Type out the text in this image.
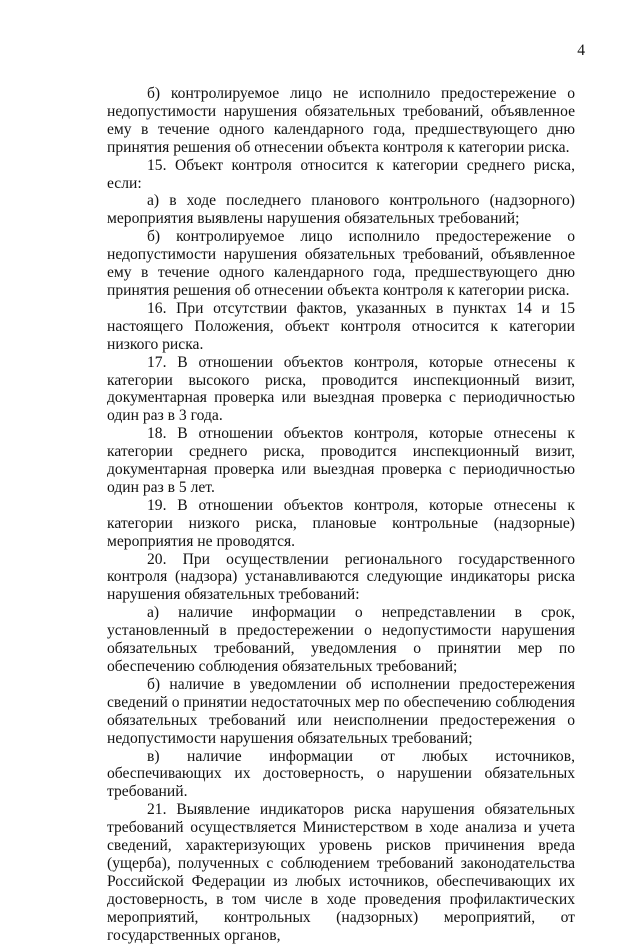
4

б) контролируемое лицо не исполнило предостережение о недопустимости нарушения обязательных требований, объявленное ему в течение одного календарного года, предшествующего дню принятия решения об отнесении объекта контроля к категории риска.

15. Объект контроля относится к категории среднего риска, если:

а) в ходе последнего планового контрольного (надзорного) мероприятия выявлены нарушения обязательных требований;

б) контролируемое лицо исполнило предостережение о недопустимости нарушения обязательных требований, объявленное ему в течение одного календарного года, предшествующего дню принятия решения об отнесении объекта контроля к категории риска.

16. При отсутствии фактов, указанных в пунктах 14 и 15 настоящего Положения, объект контроля относится к категории низкого риска.

17. В отношении объектов контроля, которые отнесены к категории высокого риска, проводится инспекционный визит, документарная проверка или выездная проверка с периодичностью один раз в 3 года.

18. В отношении объектов контроля, которые отнесены к категории среднего риска, проводится инспекционный визит, документарная проверка или выездная проверка с периодичностью один раз в 5 лет.

19. В отношении объектов контроля, которые отнесены к категории низкого риска, плановые контрольные (надзорные) мероприятия не проводятся.

20. При осуществлении регионального государственного контроля (надзора) устанавливаются следующие индикаторы риска нарушения обязательных требований:

а) наличие информации о непредставлении в срок, установленный в предостережении о недопустимости нарушения обязательных требований, уведомления о принятии мер по обеспечению соблюдения обязательных требований;

б) наличие в уведомлении об исполнении предостережения сведений о принятии недостаточных мер по обеспечению соблюдения обязательных требований или неисполнении предостережения о недопустимости нарушения обязательных требований;

в) наличие информации от любых источников, обеспечивающих их достоверность, о нарушении обязательных требований.

21. Выявление индикаторов риска нарушения обязательных требований осуществляется Министерством в ходе анализа и учета сведений, характеризующих уровень рисков причинения вреда (ущерба), полученных с соблюдением требований законодательства Российской Федерации из любых источников, обеспечивающих их достоверность, в том числе в ходе проведения профилактических мероприятий, контрольных (надзорных) мероприятий, от государственных органов,
